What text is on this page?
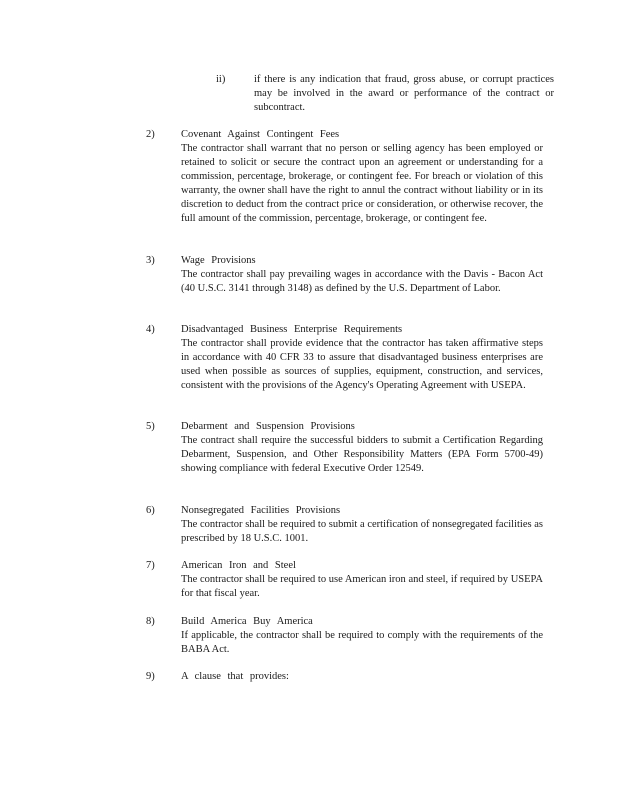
ii)	if there is any indication that fraud, gross abuse, or corrupt practices may be involved in the award or performance of the contract or subcontract.
2)	Covenant Against Contingent Fees
The contractor shall warrant that no person or selling agency has been employed or retained to solicit or secure the contract upon an agreement or understanding for a commission, percentage, brokerage, or contingent fee. For breach or violation of this warranty, the owner shall have the right to annul the contract without liability or in its discretion to deduct from the contract price or consideration, or otherwise recover, the full amount of the commission, percentage, brokerage, or contingent fee.
3)	Wage Provisions
The contractor shall pay prevailing wages in accordance with the Davis - Bacon Act (40 U.S.C. 3141 through 3148) as defined by the U.S. Department of Labor.
4)	Disadvantaged Business Enterprise Requirements
The contractor shall provide evidence that the contractor has taken affirmative steps in accordance with 40 CFR 33 to assure that disadvantaged business enterprises are used when possible as sources of supplies, equipment, construction, and services, consistent with the provisions of the Agency's Operating Agreement with USEPA.
5)	Debarment and Suspension Provisions
The contract shall require the successful bidders to submit a Certification Regarding Debarment, Suspension, and Other Responsibility Matters (EPA Form 5700-49) showing compliance with federal Executive Order 12549.
6)	Nonsegregated Facilities Provisions
The contractor shall be required to submit a certification of nonsegregated facilities as prescribed by 18 U.S.C. 1001.
7)	American Iron and Steel
The contractor shall be required to use American iron and steel, if required by USEPA for that fiscal year.
8)	Build America Buy America
If applicable, the contractor shall be required to comply with the requirements of the BABA Act.
9)	A clause that provides:
